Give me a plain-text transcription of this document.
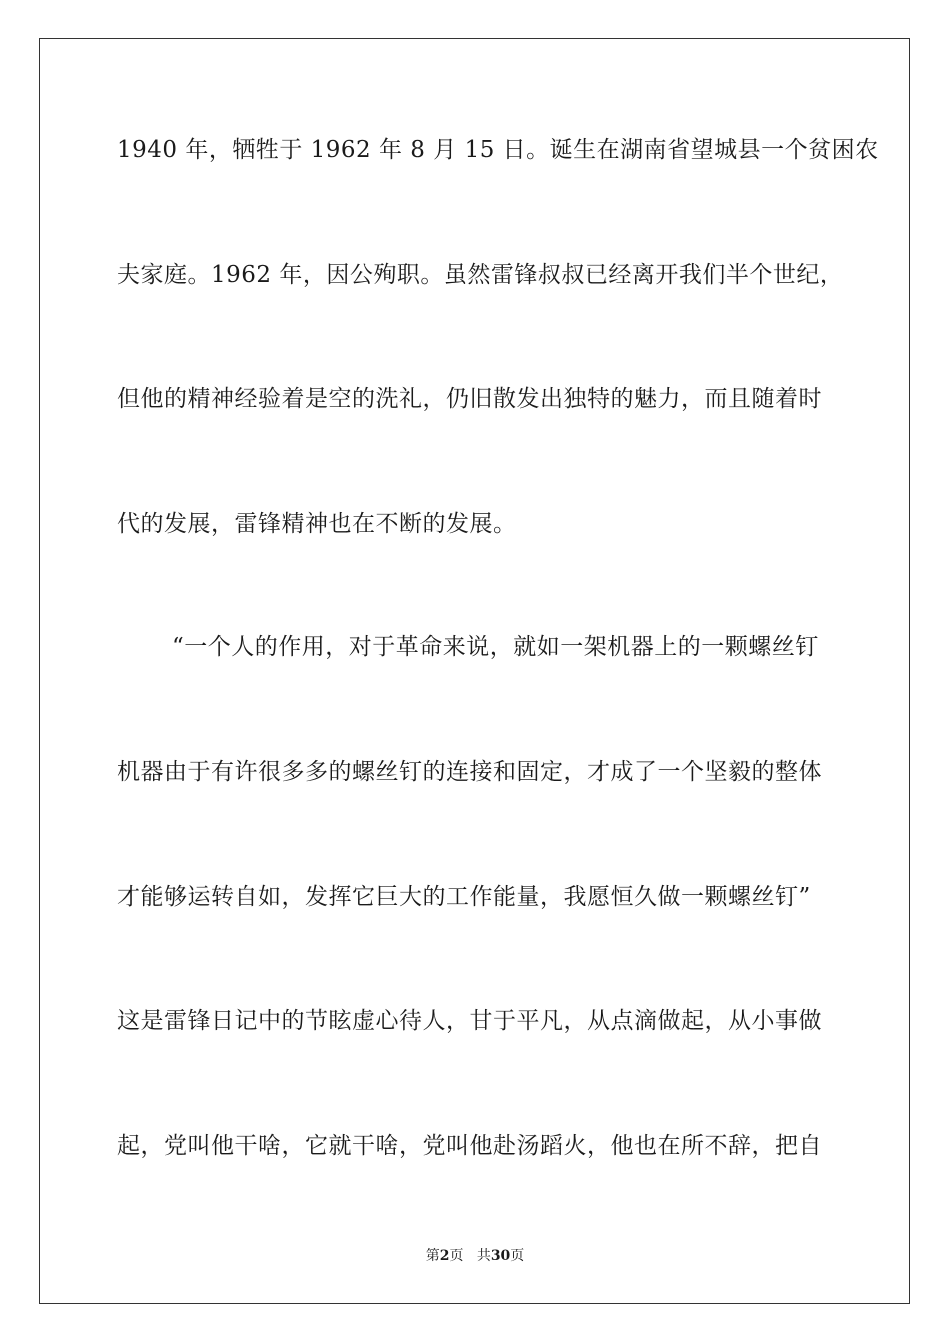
1940 年，牺牲于 1962 年 8 月 15 日。诞生在湖南省望城县一个贫困农
夫家庭。1962 年，因公殉职。虽然雷锋叔叔已经离开我们半个世纪，
但他的精神经验着是空的洗礼，仍旧散发出独特的魅力，而且随着时
代的发展，雷锋精神也在不断的发展。
“一个人的作用，对于革命来说，就如一架机器上的一颗螺丝钉
机器由于有许很多多的螺丝钉的连接和固定，才成了一个坚毅的整体
才能够运转自如，发挥它巨大的工作能量，我愿恒久做一颗螺丝钉”
这是雷锋日记中的节眩虚心待人，甘于平凡，从点滴做起，从小事做
起，党叫他干啥，它就干啥，党叫他赴汤蹈火，他也在所不辞，把自
第2页 共30页
